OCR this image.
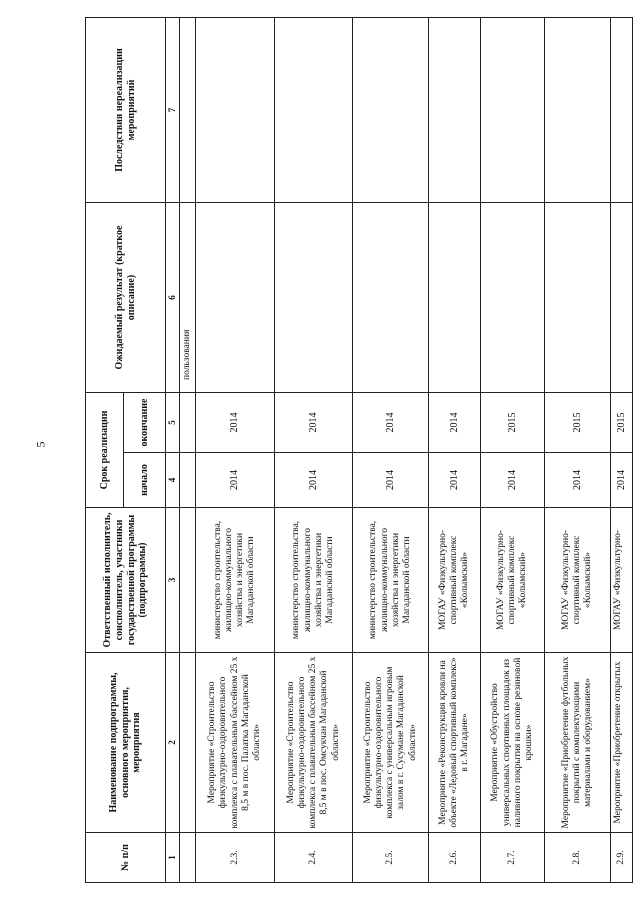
5
№ п/п	Наименование подпрограммы, основного мероприятия, мероприятия	Ответственный исполнитель, соисполнитель, участники государственной программы (подпрограммы)	Срок реализации		Ожидаемый результат (краткое описание)	Последствия нереализации мероприятий
			начало	окончание		
1	2	3	4	5	6	7
					пользования	
2.3.	Мероприятие «Строительство физкультурно-оздоровительного комплекса с плавательным бассейном 25 х 8,5 м в пос. Палатка Магаданской области»	министерство строительства, жилищно-коммунального хозяйства и энергетики Магаданской области	2014	2014		
2.4.	Мероприятие «Строительство физкультурно-оздоровительного комплекса с плавательным бассейном 25 х 8,5 м в пос. Омсукчан Магаданской области»	министерство строительства, жилищно-коммунального хозяйства и энергетики Магаданской области	2014	2014		
2.5.	Мероприятие «Строительство физкультурно-оздоровительного комплекса с универсальным игровым залом в г. Сусумане Магаданской области»	министерство строительства, жилищно-коммунального хозяйства и энергетики Магаданской области	2014	2014		
2.6.	Мероприятие «Реконструкция кровли на объекте «Ледовый спортивный комплекс» в г. Магадане»	МОГАУ «Физкультурно-спортивный комплекс «Колымский»	2014	2014		
2.7.	Мероприятие «Обустройство универсальных спортивных площадок из наливного покрытия на основе резиновой крошки»	МОГАУ «Физкультурно-спортивный комплекс «Колымский»	2014	2015		
2.8.	Мероприятие «Приобретение футбольных покрытий с комплектующими материалами и оборудованием»	МОГАУ «Физкультурно-спортивный комплекс «Колымский»	2014	2015		
2.9.	Мероприятие «Приобретение открытых	МОГАУ «Физкультурно-	2014	2015		
